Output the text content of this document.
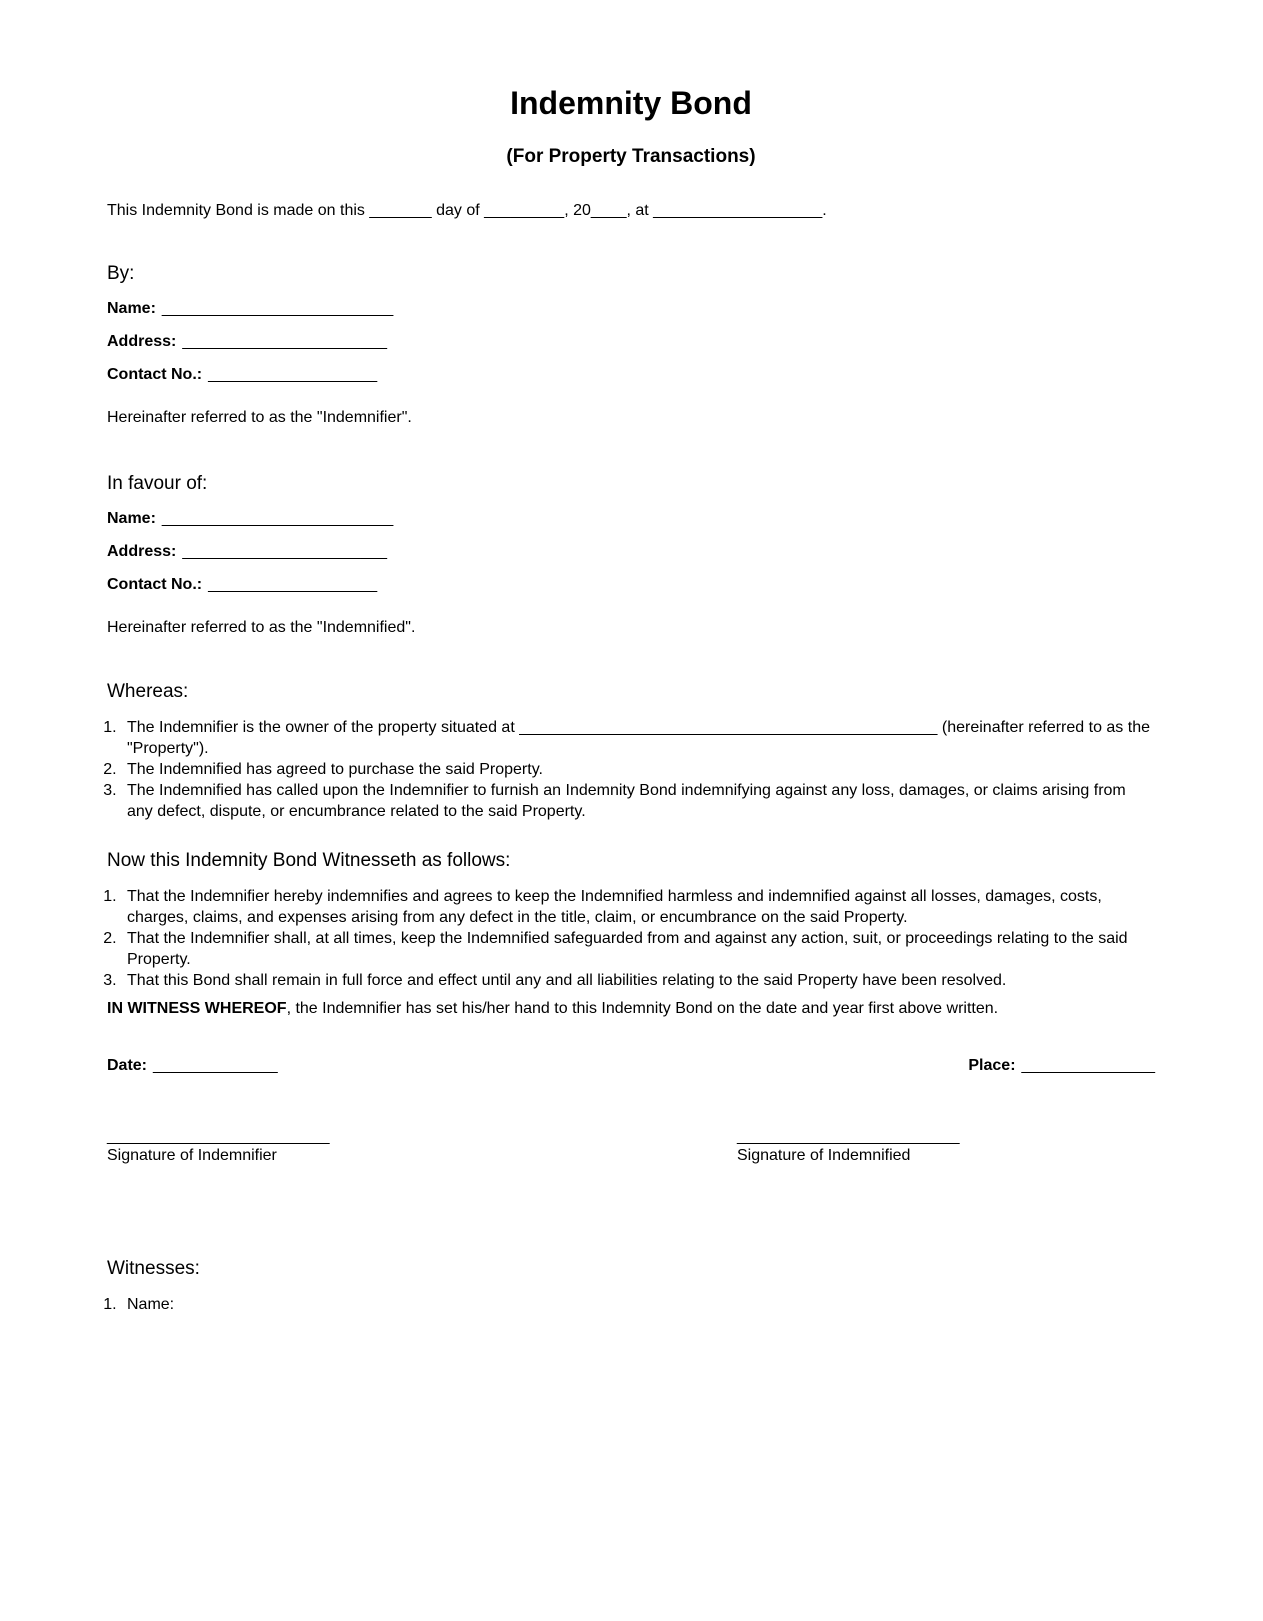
Indemnity Bond
(For Property Transactions)

This Indemnity Bond is made on this _______ day of _________, 20____, at ___________________.

By:

Name: __________________________

Address: _______________________

Contact No.: ___________________

Hereinafter referred to as the "Indemnifier".

In favour of:

Name: __________________________

Address: _______________________

Contact No.: ___________________

Hereinafter referred to as the "Indemnified".

Whereas:

1. The Indemnifier is the owner of the property situated at _______________________________________________ (hereinafter referred to as the "Property").
2. The Indemnified has agreed to purchase the said Property.
3. The Indemnified has called upon the Indemnifier to furnish an Indemnity Bond indemnifying against any loss, damages, or claims arising from any defect, dispute, or encumbrance related to the said Property.

Now this Indemnity Bond Witnesseth as follows:

1. That the Indemnifier hereby indemnifies and agrees to keep the Indemnified harmless and indemnified against all losses, damages, costs, charges, claims, and expenses arising from any defect in the title, claim, or encumbrance on the said Property.
2. That the Indemnifier shall, at all times, keep the Indemnified safeguarded from and against any action, suit, or proceedings relating to the said Property.
3. That this Bond shall remain in full force and effect until any and all liabilities relating to the said Property have been resolved.

IN WITNESS WHEREOF, the Indemnifier has set his/her hand to this Indemnity Bond on the date and year first above written.

Date: ______________	Place: _______________
_________________________
Signature of Indemnifier
_________________________
Signature of Indemnified

Witnesses:

1. Name:
